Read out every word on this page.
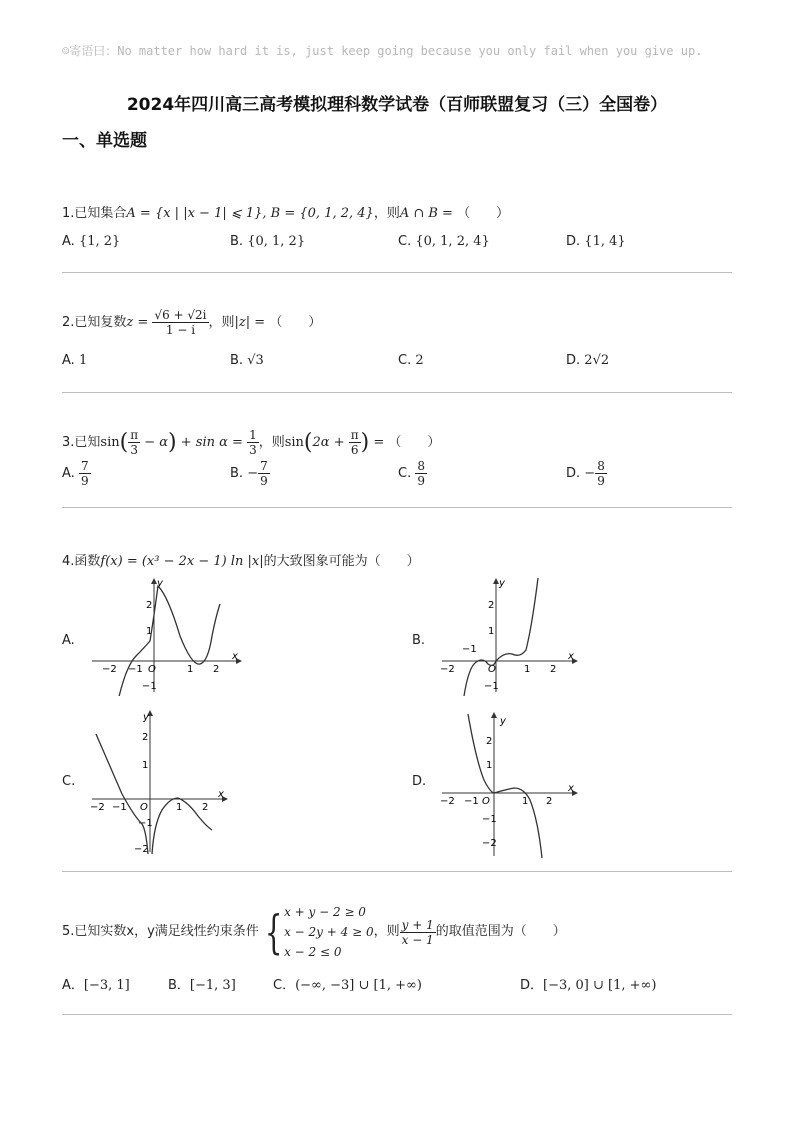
☺寄语曰：No matter how hard it is, just keep going because you only fail when you give up.
2024年四川高三高考模拟理科数学试卷（百师联盟复习（三）全国卷）
一、单选题
1.已知集合A = {x | |x − 1| ⩽ 1}, B = {0, 1, 2, 4}，则A ∩ B = （　　）
A. {1, 2}	B. {0, 1, 2}	C. {0, 1, 2, 4}	D. {1, 4}
2.已知复数$z = \frac{√6 + √2i}{1 - i}$ ，则|z| = （　　）
A. 1	B. √3	C. 2	D. 2√2
3.已知$\sin( \frac{\pi}{3} - \alpha) + \sin \alpha = \frac{1}{3}$ ，则$\sin(2\alpha + \frac{\pi}{6}$ ) = （　　）
A. $\frac{7}{9}$	B. − $\frac{7}{9}$	C. $\frac{8}{9}$	D. − $\frac{8}{9}$
4.函数f(x) = (x³ − 2x − 1) ln |x|的大致图象可能为（　　）
A.	B.
C.	D.
x
y
O
−2 −1	1 2
2
1
−1
x
y
O
−2
−1
1 2
2
1
−1
x
y
O
−2 −1	1 2
2
1
−1
−2
x
y
O
−2 −1	1 2
2
1
−1
−2
5.已知实数x，y满足线性约束条件 { x + y − 2 ≥ 0
x − 2y + 4 ≥ 0
x − 2 ≤ 0
，则 $\frac{y + 1}{x - 1}$ 的取值范围为（　　）
A．[−3, 1]	B．[−1, 3]	C．(−∞, −3] ∪ [1, +∞)	D．[−3, 0] ∪ [1, +∞)
